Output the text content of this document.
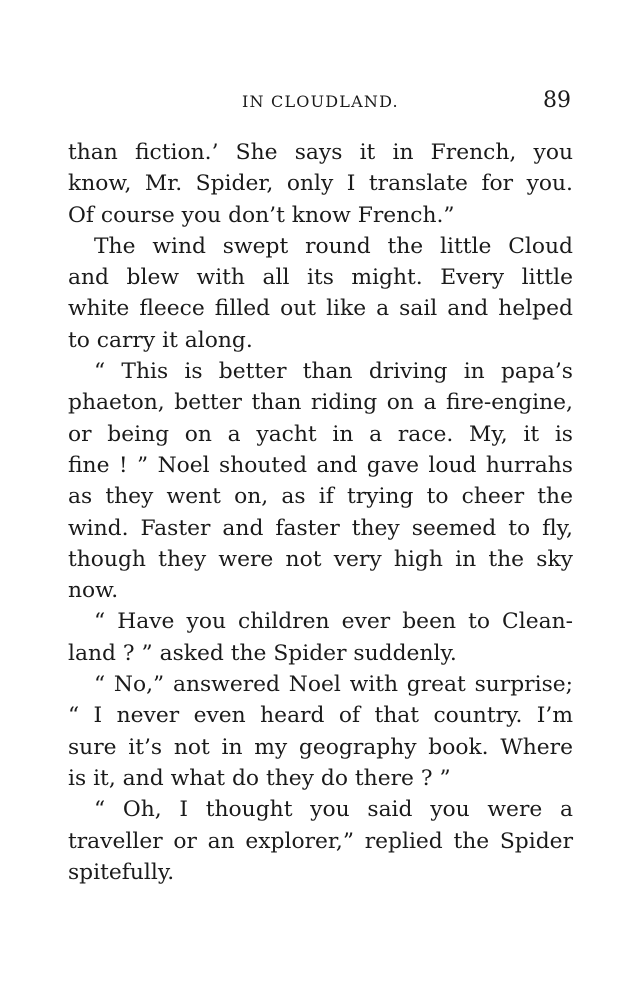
IN CLOUDLAND.	89
than fiction.’ She says it in French, you
know, Mr. Spider, only I translate for you.
Of course you don’t know French.”
The wind swept round the little Cloud
and blew with all its might. Every little
white fleece filled out like a sail and helped
to carry it along.
“ This is better than driving in papa’s
phaeton, better than riding on a fire-engine,
or being on a yacht in a race. My, it is
fine ! ” Noel shouted and gave loud hurrahs
as they went on, as if trying to cheer the
wind. Faster and faster they seemed to fly,
though they were not very high in the sky
now.
“ Have you children ever been to Clean-
land ? ” asked the Spider suddenly.
“ No,” answered Noel with great surprise;
“ I never even heard of that country. I’m
sure it’s not in my geography book. Where
is it, and what do they do there ? ”
“ Oh, I thought you said you were a
traveller or an explorer,” replied the Spider
spitefully.
